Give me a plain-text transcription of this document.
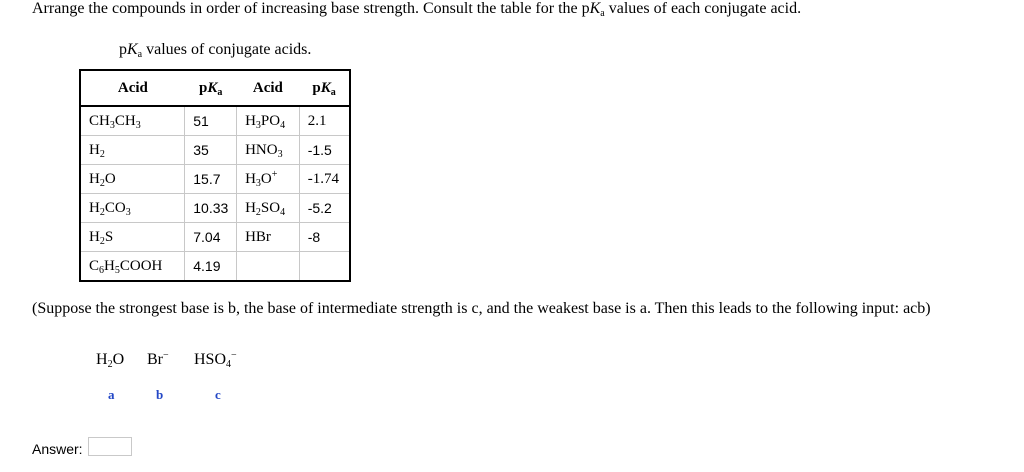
Arrange the compounds in order of increasing base strength. Consult the table for the $pK_a$ values of each conjugate acid.
$pK_a$ values of conjugate acids.
Acid	$pK_a$	Acid	$pK_a$
$CH_3CH_3$	51	$H_3PO_4$	2.1
$H_2$	35	$HNO_3$	-1.5
$H_2O$	15.7	$H_3O^+$	-1.74
$H_2CO_3$	10.33	$H_2SO_4$	-5.2
$H_2S$	7.04	HBr	-8
$C_6H_5COOH$	4.19		
(Suppose the strongest base is b, the base of intermediate strength is c, and the weakest base is a. Then this leads to the following input: acb)
$H_2O$
a
Br−
b
$HSO_4^-$
c
Answer:
